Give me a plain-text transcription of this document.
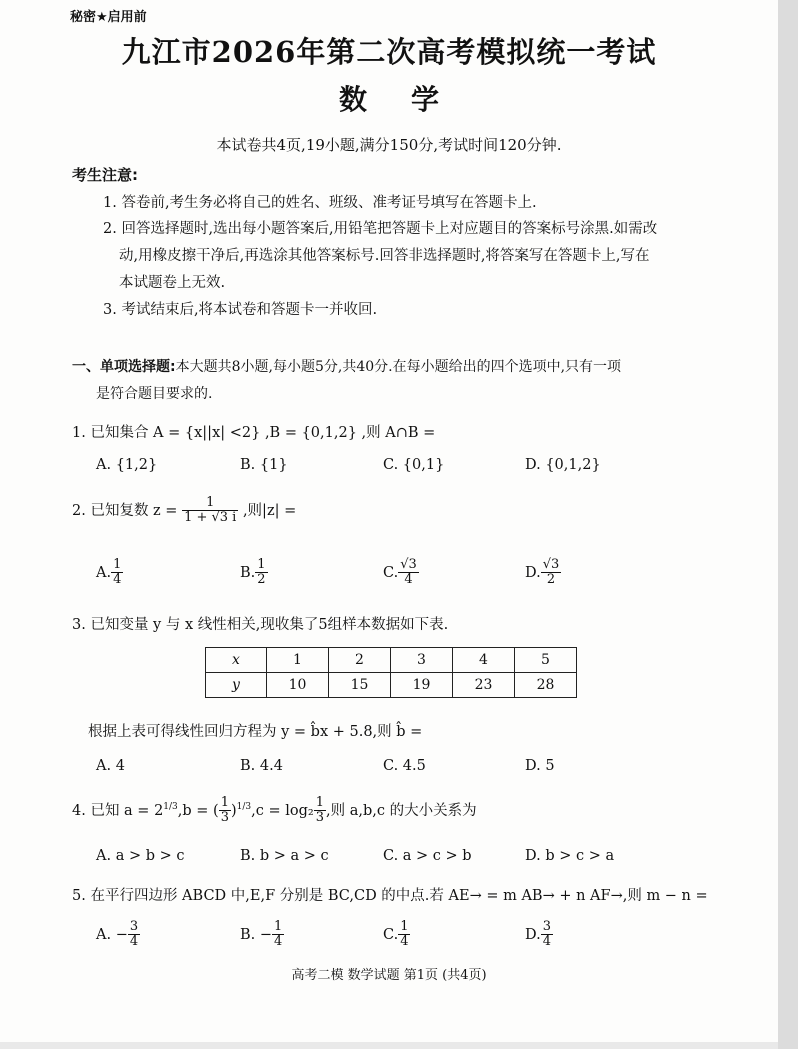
秘密★启用前
九江市2026年第二次高考模拟统一考试
数 学
本试卷共4页,19小题,满分150分,考试时间120分钟.
考生注意:
1. 答卷前,考生务必将自己的姓名、班级、准考证号填写在答题卡上.
2. 回答选择题时,选出每小题答案后,用铅笔把答题卡上对应题目的答案标号涂黑.如需改
动,用橡皮擦干净后,再选涂其他答案标号.回答非选择题时,将答案写在答题卡上,写在
本试题卷上无效.
3. 考试结束后,将本试卷和答题卡一并收回.
一、单项选择题:本大题共8小题,每小题5分,共40分.在每小题给出的四个选项中,只有一项
是符合题目要求的.
1. 已知集合 A = {x||x| <2} ,B = {0,1,2} ,则 A∩B =
A. {1,2}	B. {1}	C. {0,1}	D. {0,1,2}
2. 已知复数 $z = \frac{1}{1 + √3 i}$ ,则|z| =
A. $\frac{1}{4}$	B. $\frac{1}{2}$	C. $\frac{√3}{4}$	D. $\frac{√3}{2}$
3. 已知变量 y 与 x 线性相关,现收集了5组样本数据如下表.
x	1	2	3	4	5
y	10	15	19	23	28
根据上表可得线性回归方程为 y = b̂x + 5.8,则 b̂ =
A. 4	B. 4.4	C. 4.5	D. 5
4. 已知 $a = 2^{1/3},b$ = ( $\frac{1}{3} )^{1/3},c = \log_2 \frac{1}{3}$ ,则 a,b,c 的大小关系为
A. a > b > c	B. b > a > c	C. a > c > b	D. b > c > a
5. 在平行四边形 ABCD 中,E,F 分别是 BC,CD 的中点.若 AE→ = m AB→ + n AF→,则 m − n =
A. − $\frac{3}{4}$	B. − $\frac{1}{4}$	C. $\frac{1}{4}$	D. $\frac{3}{4}$
高考二模 数学试题 第1页 (共4页)
